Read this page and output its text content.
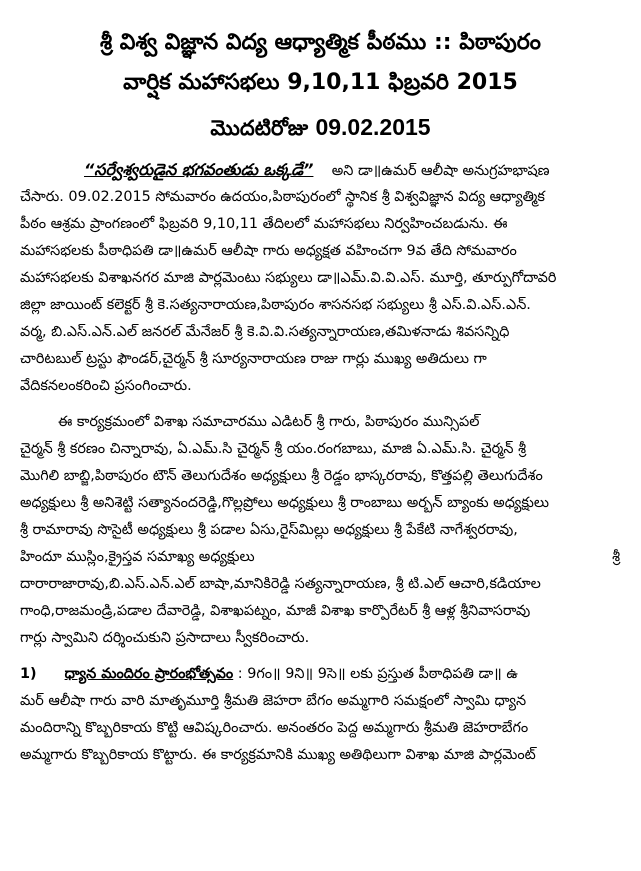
శ్రీ విశ్వ విజ్ఞాన విద్య ఆధ్యాత్మిక పీఠము :: పిఠాపురం
వార్షిక మహాసభలు 9,10,11 ఫిబ్రవరి 2015
మొదటిరోజు 09.02.2015
“సర్వేశ్వరుడైన భగవంతుడు ఒక్కడే” అని డా॥ఉమర్ ఆలీషా అనుగ్రహభాషణ
చేసారు. 09.02.2015 సోమవారం ఉదయం,పిఠాపురంలో స్థానిక శ్రీ విశ్వవిజ్ఞాన విద్య ఆధ్యాత్మిక
పీఠం ఆశ్రమ ప్రాంగణంలో ఫిబ్రవరి 9,10,11 తేదిలలో మహాసభలు నిర్వహించబడును. ఈ
మహాసభలకు పీఠాధిపతి డా॥ఉమర్ ఆలీషా గారు అధ్యక్షత వహించగా 9వ తేది సోమవారం
మహాసభలకు విశాఖనగర మాజి పార్లమెంటు సభ్యులు డా॥ఎమ్.వి.వి.ఎస్. మూర్తి, తూర్పుగోదావరి
జిల్లా జాయింట్ కలెక్టర్ శ్రీ కె.సత్యనారాయణ,పిఠాపురం శాసనసభ సభ్యులు శ్రీ ఎస్.వి.ఎస్.ఎన్.
వర్మ, బి.ఎస్.ఎన్.ఎల్ జనరల్ మేనేజర్ శ్రీ కె.వి.వి.సత్యన్నారాయణ,తమిళనాడు శివసన్నిధి
చారిటబుల్ ట్రస్టు ఫౌండర్,చైర్మన్ శ్రీ సూర్యనారాయణ రాజు గార్లు ముఖ్య అతిదులు గా
వేదికనలంకరించి ప్రసంగించారు.
ఈ కార్యక్రమంలో విశాఖ సమాచారము ఎడిటర్ శ్రీ గారు, పిఠాపురం మున్సిపల్
చైర్మన్ శ్రీ కరణం చిన్నారావు, ఏ.ఎమ్.సి చైర్మన్ శ్రీ యం.రంగబాబు, మాజి ఏ.ఎమ్.సి. చైర్మన్ శ్రీ
మొగిలి బాబ్జి,పిఠాపురం టౌన్ తెలుగుదేశం అధ్యక్షులు శ్రీ రెడ్డం భాస్కరరావు, కొత్తపల్లి తెలుగుదేశం
అధ్యక్షులు శ్రీ అనిశెట్టి సత్యానందరెడ్డి,గొల్లప్రోలు అధ్యక్షులు శ్రీ రాంబాబు అర్బన్ బ్యాంకు అధ్యక్షులు
శ్రీ రామారావు సొసైటీ అధ్యక్షులు శ్రీ పడాల ఏసు,రైస్‌మిల్లు అధ్యక్షులు శ్రీ పేకేటి నాగేశ్వరరావు,
హిందూ ముస్లిం,క్రైస్తవ సమాఖ్య అధ్యక్షులు	శ్రీ
దారారాజారావు,బి.ఎస్.ఎన్.ఎల్ బాషా,మానికిరెడ్డి సత్యన్నారాయణ, శ్రీ టి.ఎల్ ఆచారి,కడియాల
గాంధి,రాజమండ్రి,పడాల దేవారెడ్డి, విశాఖపట్నం, మాజీ విశాఖ కార్పొరేటర్ శ్రీ ఆళ్ల శ్రీనివాసరావు
గార్లు స్వామిని దర్శించుకుని ప్రసాదాలు స్వీకరించారు.
1) ధ్యాన మందిరం ప్రారంభోత్సవం : 9గం॥ 9ని॥ 9సె॥ లకు ప్రస్తుత పీఠాధిపతి డా॥ ఉ
మర్ ఆలీషా గారు వారి మాతృమూర్తి శ్రీమతి జెహరా బేగం అమ్మగారి సమక్షంలో స్వామి ధ్యాన
మందిరాన్ని కొబ్బరికాయ కొట్టి ఆవిష్కరించారు. అనంతరం పెద్ద అమ్మగారు శ్రీమతి జెహరాబేగం
అమ్మగారు కొబ్బరికాయ కొట్టారు. ఈ కార్యక్రమానికి ముఖ్య అతిథిలుగా విశాఖ మాజి పార్లమెంట్
